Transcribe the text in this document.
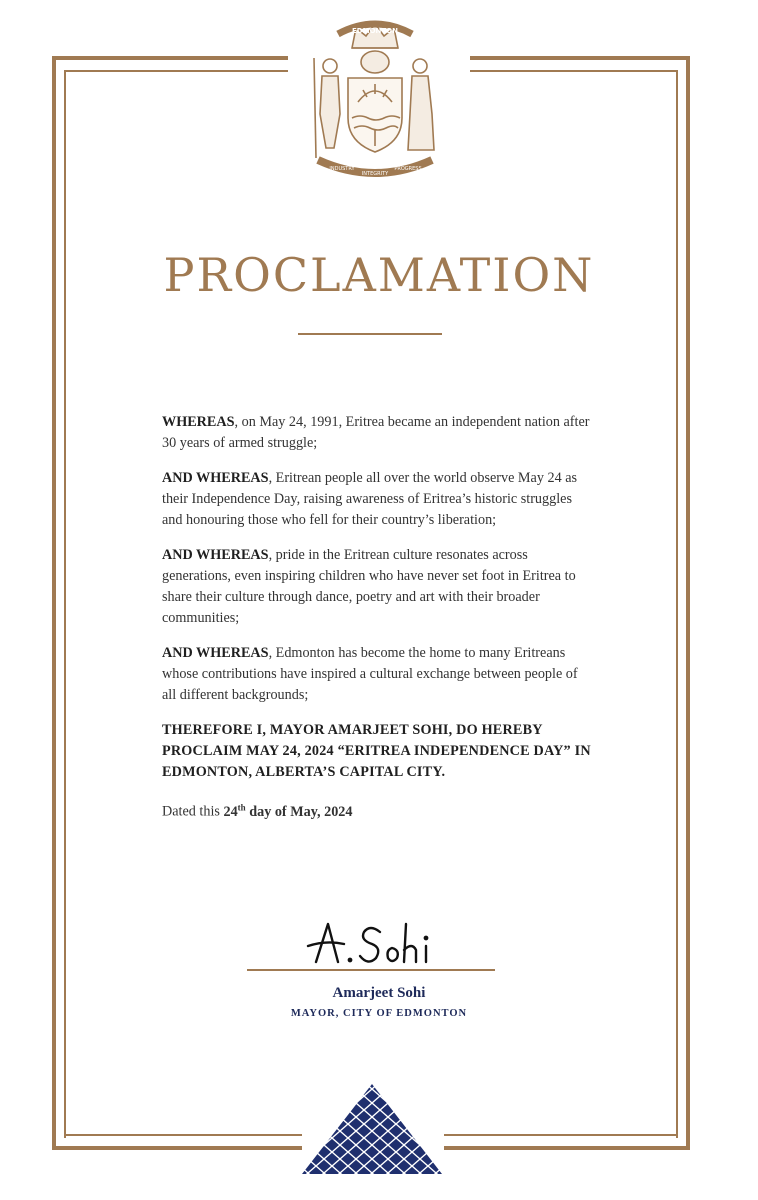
EDMONTON
INDUSTRY
INTEGRITY
PROGRESS
PROCLAMATION

WHEREAS, on May 24, 1991, Eritrea became an independent nation after 30 years of armed struggle;

AND WHEREAS, Eritrean people all over the world observe May 24 as their Independence Day, raising awareness of Eritrea’s historic struggles and honouring those who fell for their country’s liberation;

AND WHEREAS, pride in the Eritrean culture resonates across generations, even inspiring children who have never set foot in Eritrea to share their culture through dance, poetry and art with their broader communities;

AND WHEREAS, Edmonton has become the home to many Eritreans whose contributions have inspired a cultural exchange between people of all different backgrounds;

THEREFORE I, MAYOR AMARJEET SOHI, DO HEREBY PROCLAIM MAY 24, 2024 “ERITREA INDEPENDENCE DAY” IN EDMONTON, ALBERTA’S CAPITAL CITY.

Dated this 24th day of May, 2024

Amarjeet Sohi
MAYOR, CITY OF EDMONTON
